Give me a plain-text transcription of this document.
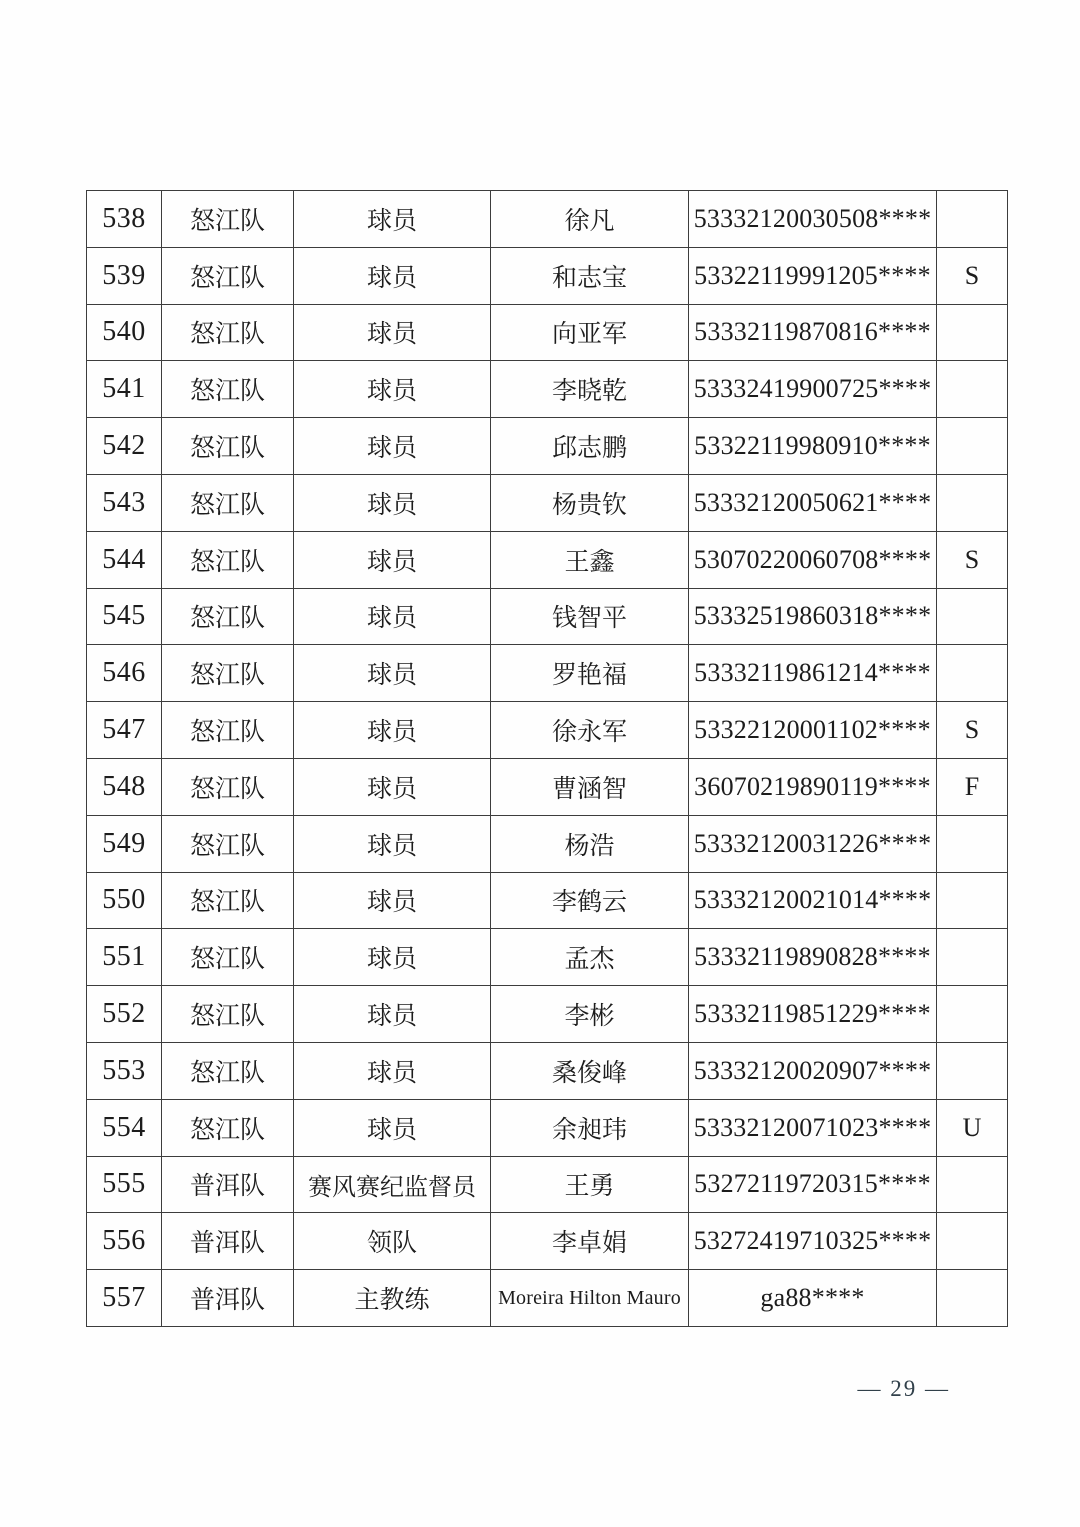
538	怒江队	球员	徐凡	53332120030508****	
539	怒江队	球员	和志宝	53322119991205****	S
540	怒江队	球员	向亚军	53332119870816****	
541	怒江队	球员	李晓乾	53332419900725****	
542	怒江队	球员	邱志鹏	53322119980910****	
543	怒江队	球员	杨贵钦	53332120050621****	
544	怒江队	球员	王鑫	53070220060708****	S
545	怒江队	球员	钱智平	53332519860318****	
546	怒江队	球员	罗艳福	53332119861214****	
547	怒江队	球员	徐永军	53322120001102****	S
548	怒江队	球员	曹涵智	36070219890119****	F
549	怒江队	球员	杨浩	53332120031226****	
550	怒江队	球员	李鹤云	53332120021014****	
551	怒江队	球员	孟杰	53332119890828****	
552	怒江队	球员	李彬	53332119851229****	
553	怒江队	球员	桑俊峰	53332120020907****	
554	怒江队	球员	余昶玮	53332120071023****	U
555	普洱队	赛风赛纪监督员	王勇	53272119720315****	
556	普洱队	领队	李卓娟	53272419710325****	
557	普洱队	主教练	Moreira Hilton Mauro	ga88****	
— 29 —
